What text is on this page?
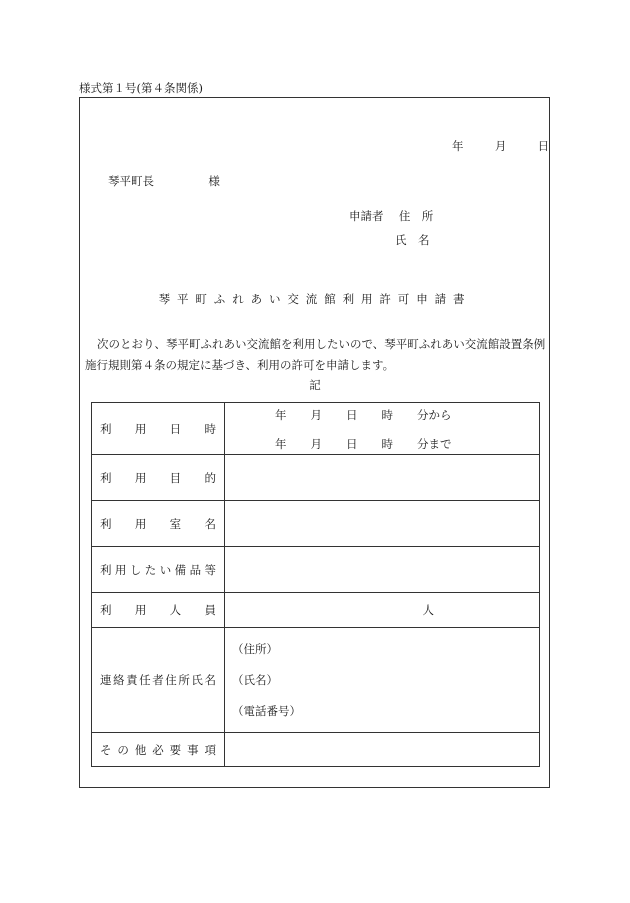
様式第１号(第４条関係)
年	月	日
琴平町長	様
申請者 住　所
氏　名
琴平町ふれあい交流館利用許可申請書
次のとおり、琴平町ふれあい交流館を利用したいので、琴平町ふれあい交流館設置条例施行規則第４条の規定に基づき、利用の許可を申請します。
記
利用日時	年 月 日 時 分から
年 月 日 時 分まで

利用目的	
利用室名	
利用したい備品等	
利用人員	人

連絡責任者住所氏名	（住所）
（氏名）
（電話番号）

その他必要事項	
